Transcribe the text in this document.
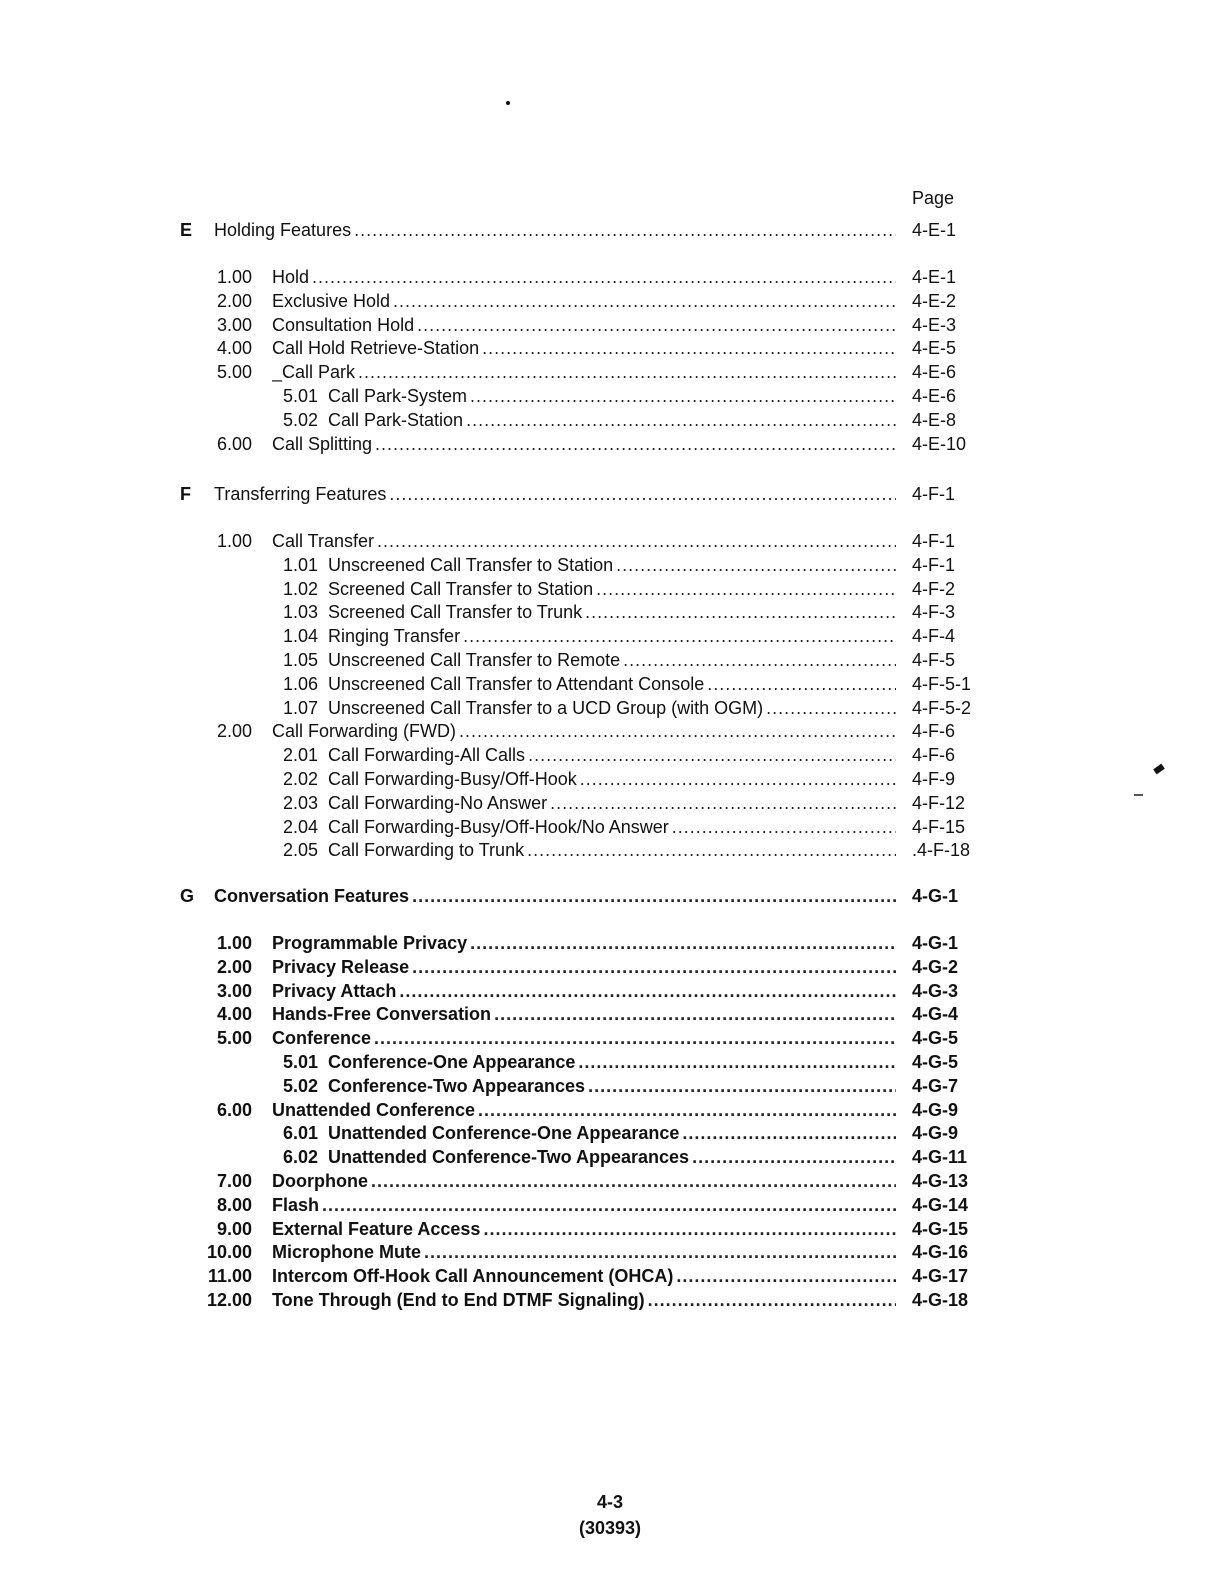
Page
E Holding Features .....	4-E-1
1.00 Hold .....	4-E-1
2.00 Exclusive Hold .....	4-E-2
3.00 Consultation Hold .....	4-E-3
4.00 Call Hold Retrieve-Station .....	4-E-5
5.00 _Call Park .....	4-E-6
5.01 Call Park-System .....	4-E-6
5.02 Call Park-Station .....	4-E-8
6.00 Call Splitting .....	4-E-10
F Transferring Features .....	4-F-1
1.00 Call Transfer .....	4-F-1
1.01 Unscreened Call Transfer to Station .....	4-F-1
1.02 Screened Call Transfer to Station .....	4-F-2
1.03 Screened Call Transfer to Trunk .....	4-F-3
1.04 Ringing Transfer .....	4-F-4
1.05 Unscreened Call Transfer to Remote .....	4-F-5
1.06 Unscreened Call Transfer to Attendant Console .....	4-F-5-1
1.07 Unscreened Call Transfer to a UCD Group (with OGM) .....	4-F-5-2
2.00 Call Forwarding (FWD) .....	4-F-6
2.01 Call Forwarding-All Calls .....	4-F-6
2.02 Call Forwarding-Busy/Off-Hook .....	4-F-9
2.03 Call Forwarding-No Answer .....	4-F-12
2.04 Call Forwarding-Busy/Off-Hook/No Answer .....	4-F-15
2.05 Call Forwarding to Trunk .....	.4-F-18
G Conversation Features .....	4-G-1
1.00 Programmable Privacy .....	4-G-1
2.00 Privacy Release .....	4-G-2
3.00 Privacy Attach .....	4-G-3
4.00 Hands-Free Conversation .....	4-G-4
5.00 Conference .....	4-G-5
5.01 Conference-One Appearance .....	4-G-5
5.02 Conference-Two Appearances .....	4-G-7
6.00 Unattended Conference .....	4-G-9
6.01 Unattended Conference-One Appearance .....	4-G-9
6.02 Unattended Conference-Two Appearances .....	4-G-11
7.00 Doorphone .....	4-G-13
8.00 Flash .....	4-G-14
9.00 External Feature Access .....	4-G-15
10.00 Microphone Mute .....	4-G-16
11.00 Intercom Off-Hook Call Announcement (OHCA) .....	4-G-17
12.00 Tone Through (End to End DTMF Signaling) .....	4-G-18
4-3
(30393)
